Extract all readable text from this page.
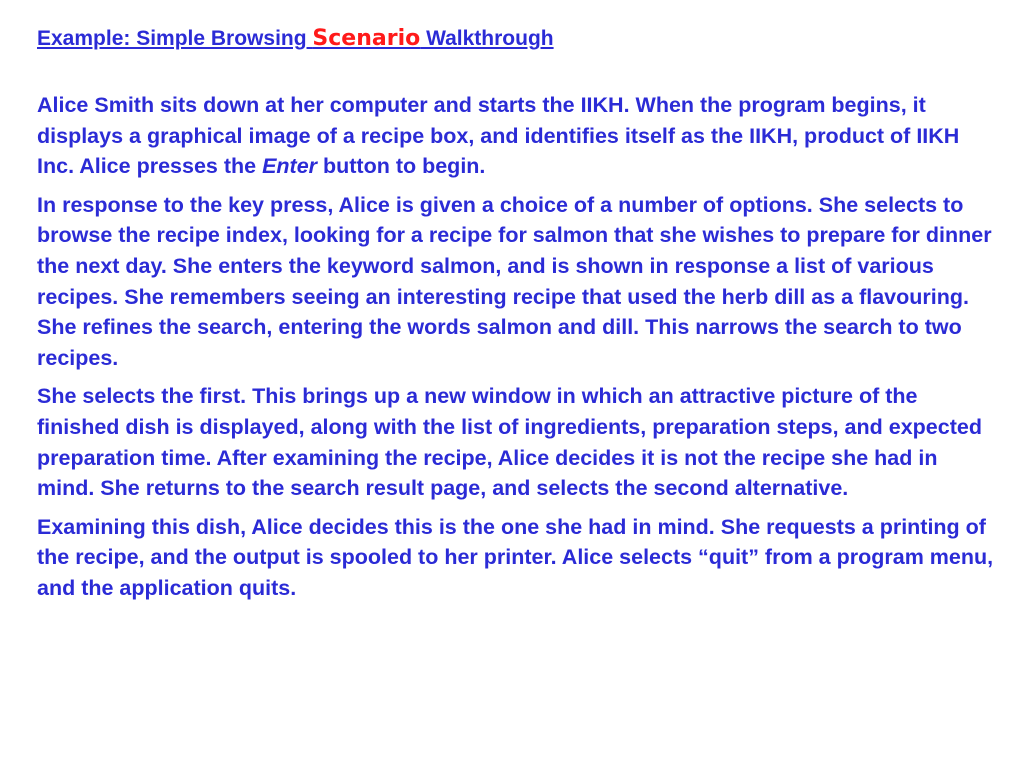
Example: Simple Browsing Scenario Walkthrough

Alice Smith sits down at her computer and starts the IIKH. When the program begins, it displays a graphical image of a recipe box, and identifies itself as the IIKH, product of IIKH Inc. Alice presses the Enter button to begin.

In response to the key press, Alice is given a choice of a number of options. She selects to browse the recipe index, looking for a recipe for salmon that she wishes to prepare for dinner the next day. She enters the keyword salmon, and is shown in response a list of various recipes. She remembers seeing an interesting recipe that used the herb dill as a flavouring. She refines the search, entering the words salmon and dill. This narrows the search to two recipes.

She selects the first. This brings up a new window in which an attractive picture of the finished dish is displayed, along with the list of ingredients, preparation steps, and expected preparation time. After examining the recipe, Alice decides it is not the recipe she had in mind. She returns to the search result page, and selects the second alternative.

Examining this dish, Alice decides this is the one she had in mind. She requests a printing of the recipe, and the output is spooled to her printer. Alice selects “quit” from a program menu, and the application quits.
